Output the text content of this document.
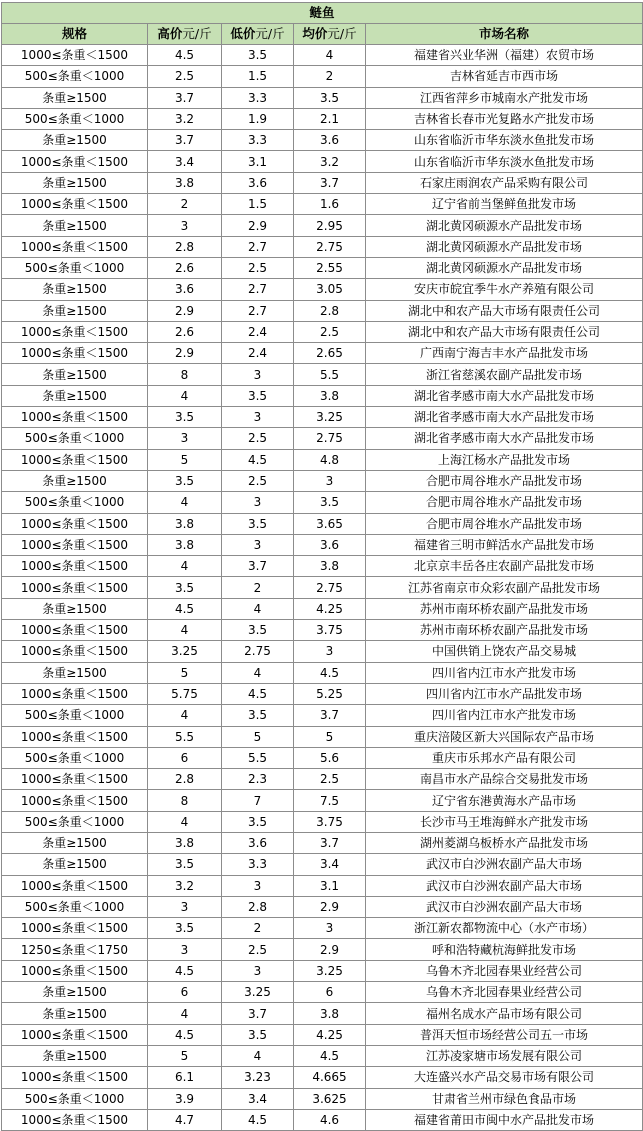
鲢鱼				
规格	高价元/斤	低价元/斤	均价元/斤	市场名称
1000≤条重＜1500	4.5	3.5	4	福建省兴业华洲（福建）农贸市场
500≤条重＜1000	2.5	1.5	2	吉林省延吉市西市场
条重≥1500	3.7	3.3	3.5	江西省萍乡市城南水产批发市场
500≤条重＜1000	3.2	1.9	2.1	吉林省长春市光复路水产批发市场
条重≥1500	3.7	3.3	3.6	山东省临沂市华东淡水鱼批发市场
1000≤条重＜1500	3.4	3.1	3.2	山东省临沂市华东淡水鱼批发市场
条重≥1500	3.8	3.6	3.7	石家庄雨润农产品采购有限公司
1000≤条重＜1500	2	1.5	1.6	辽宁省前当堡鲜鱼批发市场
条重≥1500	3	2.9	2.95	湖北黄冈硕源水产品批发市场
1000≤条重＜1500	2.8	2.7	2.75	湖北黄冈硕源水产品批发市场
500≤条重＜1000	2.6	2.5	2.55	湖北黄冈硕源水产品批发市场
条重≥1500	3.6	2.7	3.05	安庆市皖宜季牛水产养殖有限公司
条重≥1500	2.9	2.7	2.8	湖北中和农产品大市场有限责任公司
1000≤条重＜1500	2.6	2.4	2.5	湖北中和农产品大市场有限责任公司
1000≤条重＜1500	2.9	2.4	2.65	广西南宁海吉丰水产品批发市场
条重≥1500	8	3	5.5	浙江省慈溪农副产品批发市场
条重≥1500	4	3.5	3.8	湖北省孝感市南大水产品批发市场
1000≤条重＜1500	3.5	3	3.25	湖北省孝感市南大水产品批发市场
500≤条重＜1000	3	2.5	2.75	湖北省孝感市南大水产品批发市场
1000≤条重＜1500	5	4.5	4.8	上海江杨水产品批发市场
条重≥1500	3.5	2.5	3	合肥市周谷堆水产品批发市场
500≤条重＜1000	4	3	3.5	合肥市周谷堆水产品批发市场
1000≤条重＜1500	3.8	3.5	3.65	合肥市周谷堆水产品批发市场
1000≤条重＜1500	3.8	3	3.6	福建省三明市鲜活水产品批发市场
1000≤条重＜1500	4	3.7	3.8	北京京丰岳各庄农副产品批发市场
1000≤条重＜1500	3.5	2	2.75	江苏省南京市众彩农副产品批发市场
条重≥1500	4.5	4	4.25	苏州市南环桥农副产品批发市场
1000≤条重＜1500	4	3.5	3.75	苏州市南环桥农副产品批发市场
1000≤条重＜1500	3.25	2.75	3	中国供销上饶农产品交易城
条重≥1500	5	4	4.5	四川省内江市水产批发市场
1000≤条重＜1500	5.75	4.5	5.25	四川省内江市水产品批发市场
500≤条重＜1000	4	3.5	3.7	四川省内江市水产批发市场
1000≤条重＜1500	5.5	5	5	重庆涪陵区新大兴国际农产品市场
500≤条重＜1000	6	5.5	5.6	重庆市乐邦水产品有限公司
1000≤条重＜1500	2.8	2.3	2.5	南昌市水产品综合交易批发市场
1000≤条重＜1500	8	7	7.5	辽宁省东港黄海水产品市场
500≤条重＜1000	4	3.5	3.75	长沙市马王堆海鲜水产批发市场
条重≥1500	3.8	3.6	3.7	湖州菱湖乌板桥水产品批发市场
条重≥1500	3.5	3.3	3.4	武汉市白沙洲农副产品大市场
1000≤条重＜1500	3.2	3	3.1	武汉市白沙洲农副产品大市场
500≤条重＜1000	3	2.8	2.9	武汉市白沙洲农副产品大市场
1000≤条重＜1500	3.5	2	3	浙江新农都物流中心（水产市场）
1250≤条重＜1750	3	2.5	2.9	呼和浩特藏杭海鲜批发市场
1000≤条重＜1500	4.5	3	3.25	乌鲁木齐北园春果业经营公司
条重≥1500	6	3.25	6	乌鲁木齐北园春果业经营公司
条重≥1500	4	3.7	3.8	福州名成水产品市场有限公司
1000≤条重＜1500	4.5	3.5	4.25	普洱天恒市场经营公司五一市场
条重≥1500	5	4	4.5	江苏凌家塘市场发展有限公司
1000≤条重＜1500	6.1	3.23	4.665	大连盛兴水产品交易市场有限公司
500≤条重＜1000	3.9	3.4	3.625	甘肃省兰州市绿色食品市场
1000≤条重＜1500	4.7	4.5	4.6	福建省莆田市闽中水产品批发市场
